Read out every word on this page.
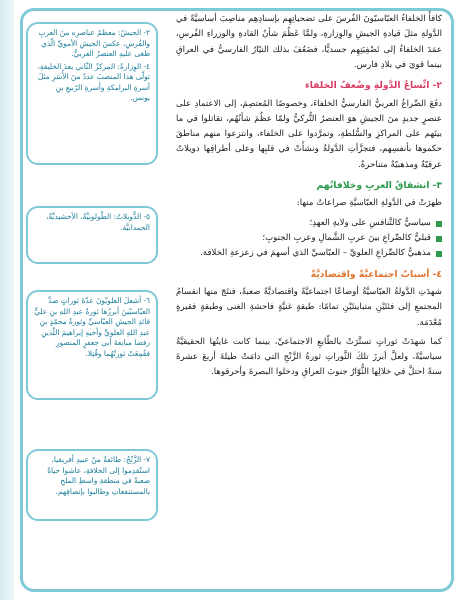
٢- الجيشُ: معظمُ عناصرِه منَ العربِ والفُرسِ، عكسَ الجيشِ الأمويِّ الّذي طغى عليهِ العنصرُ العربيُّ.

٤- الوِزارةُ: المركزُ الثّاني بعدَ الخليفةِ، تولّى هذا المنصبَ عددٌ منَ الأُسَرِ مثلَ أسرةِ البرامكةِ وأسرةِ الرّبيعِ بنِ يونس.

٥- الدُّويلاتُ: الطّولونيَّةُ، الأخشيديَّةُ، الحمدانيَّة.

٦- أشعلَ العلويّونَ عدّةَ ثوراتٍ ضدَّ العبّاسيّينَ أبرزُها ثورةُ عبدِ اللهِ بنِ عليٍّ قائدِ الجيشِ العبّاسيِّ وثورةُ محمّدٍ بنِ عبدِ اللهِ العلويِّ وأخيهِ إبراهيمَ اللّذينِ رفضا مبايعةَ أبي جعفرٍ المنصورِ فقُمِعَتْ ثورتُهُما وقُتِلا.

٧- الزَّنْجُ: طائفةٌ منْ عبيدِ أفريقيا، استُقدِموا إلى الخلافةِ، عاشوا حياةً صعبةً في منطقةِ واسطِ الملحِ بالمستنقعاتِ وطالبوا بإنصافِهم.

كافأَ الخلفاءُ العبّاسيّونَ الفُرسَ على تضحياتِهِم بإسنادِهِم مناصِبَ أساسيَّةً في الدَّولةِ مثلَ قيادةِ الجيشِ والوِزارةِ، ولمَّا عَظُمَ شأنُ القادةِ والوزراءِ الفُرسِ، عمَدَ الخلفاءُ إلى تَصْفِيَتِهِم جسديًّا، فضَعُفَ بذلك التيّارُ الفارسيُّ في العراقِ بينما قويَ في بلادِ فارس.

٢- اتِّساعُ الدَّولةِ وضُعفُ الخلفاء

دفَعَ الصِّراعُ العربيُّ الفارسيُّ الخلفاءَ، وخصوصًا المُعتصِمَ، إلى الاعتمادِ على عنصرٍ جديدٍ منَ الجيشِ هوَ العنصرُ التُّركيُّ ولمّا عظُمَ شأنُهُم، تقاتلوا في ما بينَهم على المراكزِ والسُّلطةِ، وتمرَّدوا على الخلفاء، وانتزعوا منهم مناطقَ حكموها بأنفسِهم، فتجزَّأتِ الدَّولةُ ونشأَتْ في قلبِها وعلى أطرافِها دويلاتٌ عرقيّةٌ ومذهبيّةٌ متناحرةٌ.

٣- انشقاقُ العربِ وخلافاتُهم

ظهرَتْ في الدَّولةِ العبّاسيَّةِ صراعاتٌ منها:

سياسيٌّ كالتَّنافسِ على ولايةِ العهدِ؛
قبليٌّ كالصِّراعِ بينَ عربِ الشَّمالِ وعربِ الجنوبِ؛
مذهبيٌّ كالصِّراعِ العلويِّ – العبّاسيِّ الذي أسهمَ في زعزعةِ الخلافة.
٤- أسبابٌ اجتماعيَّةٌ واقتصاديَّةٌ

شهدَتِ الدَّولةُ العبّاسيَّةُ أوضاعًا اجتماعيَّةً واقتصاديَّةً صعبةً، فنتَجَ منها انقسامُ المجتمعِ إلى فئتَيْنِ متباينتَيْنِ تمامًا: طبقةٍ غنيَّةٍ فاحشةِ الغنى وطبقةٍ فقيرةٍ مُعْدَمَة.

كما شهدَتْ ثوراتٍ تستَّرَتْ بالطّابعِ الاجتماعيِّ، بينما كانت غايتُها الحقيقيَّةُ سياسيَّةً، ولعلَّ أبرزَ تلكَ الثَّوراتِ ثورةُ الزَّنْجِ التي دامَتْ طيلةَ أربعَ عشرةَ سنةً احتلَّ في خلالِها الثُّوّارُ جنوبَ العراقِ ودخلوا البصرةَ وأحرقوها.
